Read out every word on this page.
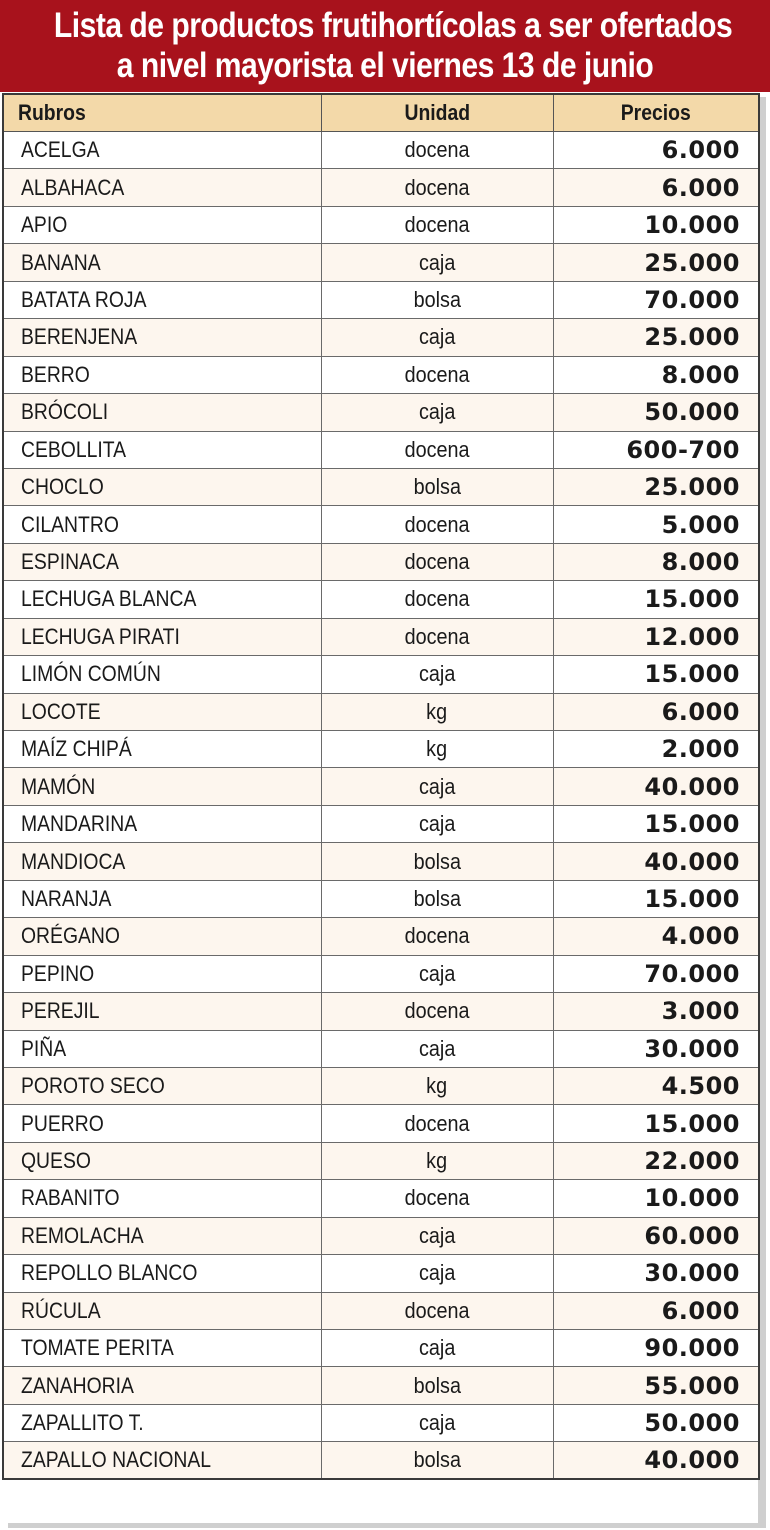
Lista de productos frutihortícolas a ser ofertados
a nivel mayorista el viernes 13 de junio
Rubros	Unidad	Precios
ACELGA	docena	6.000
ALBAHACA	docena	6.000
APIO	docena	10.000
BANANA	caja	25.000
BATATA ROJA	bolsa	70.000
BERENJENA	caja	25.000
BERRO	docena	8.000
BRÓCOLI	caja	50.000
CEBOLLITA	docena	600-700
CHOCLO	bolsa	25.000
CILANTRO	docena	5.000
ESPINACA	docena	8.000
LECHUGA BLANCA	docena	15.000
LECHUGA PIRATI	docena	12.000
LIMÓN COMÚN	caja	15.000
LOCOTE	kg	6.000
MAÍZ CHIPÁ	kg	2.000
MAMÓN	caja	40.000
MANDARINA	caja	15.000
MANDIOCA	bolsa	40.000
NARANJA	bolsa	15.000
ORÉGANO	docena	4.000
PEPINO	caja	70.000
PEREJIL	docena	3.000
PIÑA	caja	30.000
POROTO SECO	kg	4.500
PUERRO	docena	15.000
QUESO	kg	22.000
RABANITO	docena	10.000
REMOLACHA	caja	60.000
REPOLLO BLANCO	caja	30.000
RÚCULA	docena	6.000
TOMATE PERITA	caja	90.000
ZANAHORIA	bolsa	55.000
ZAPALLITO T.	caja	50.000
ZAPALLO NACIONAL	bolsa	40.000
